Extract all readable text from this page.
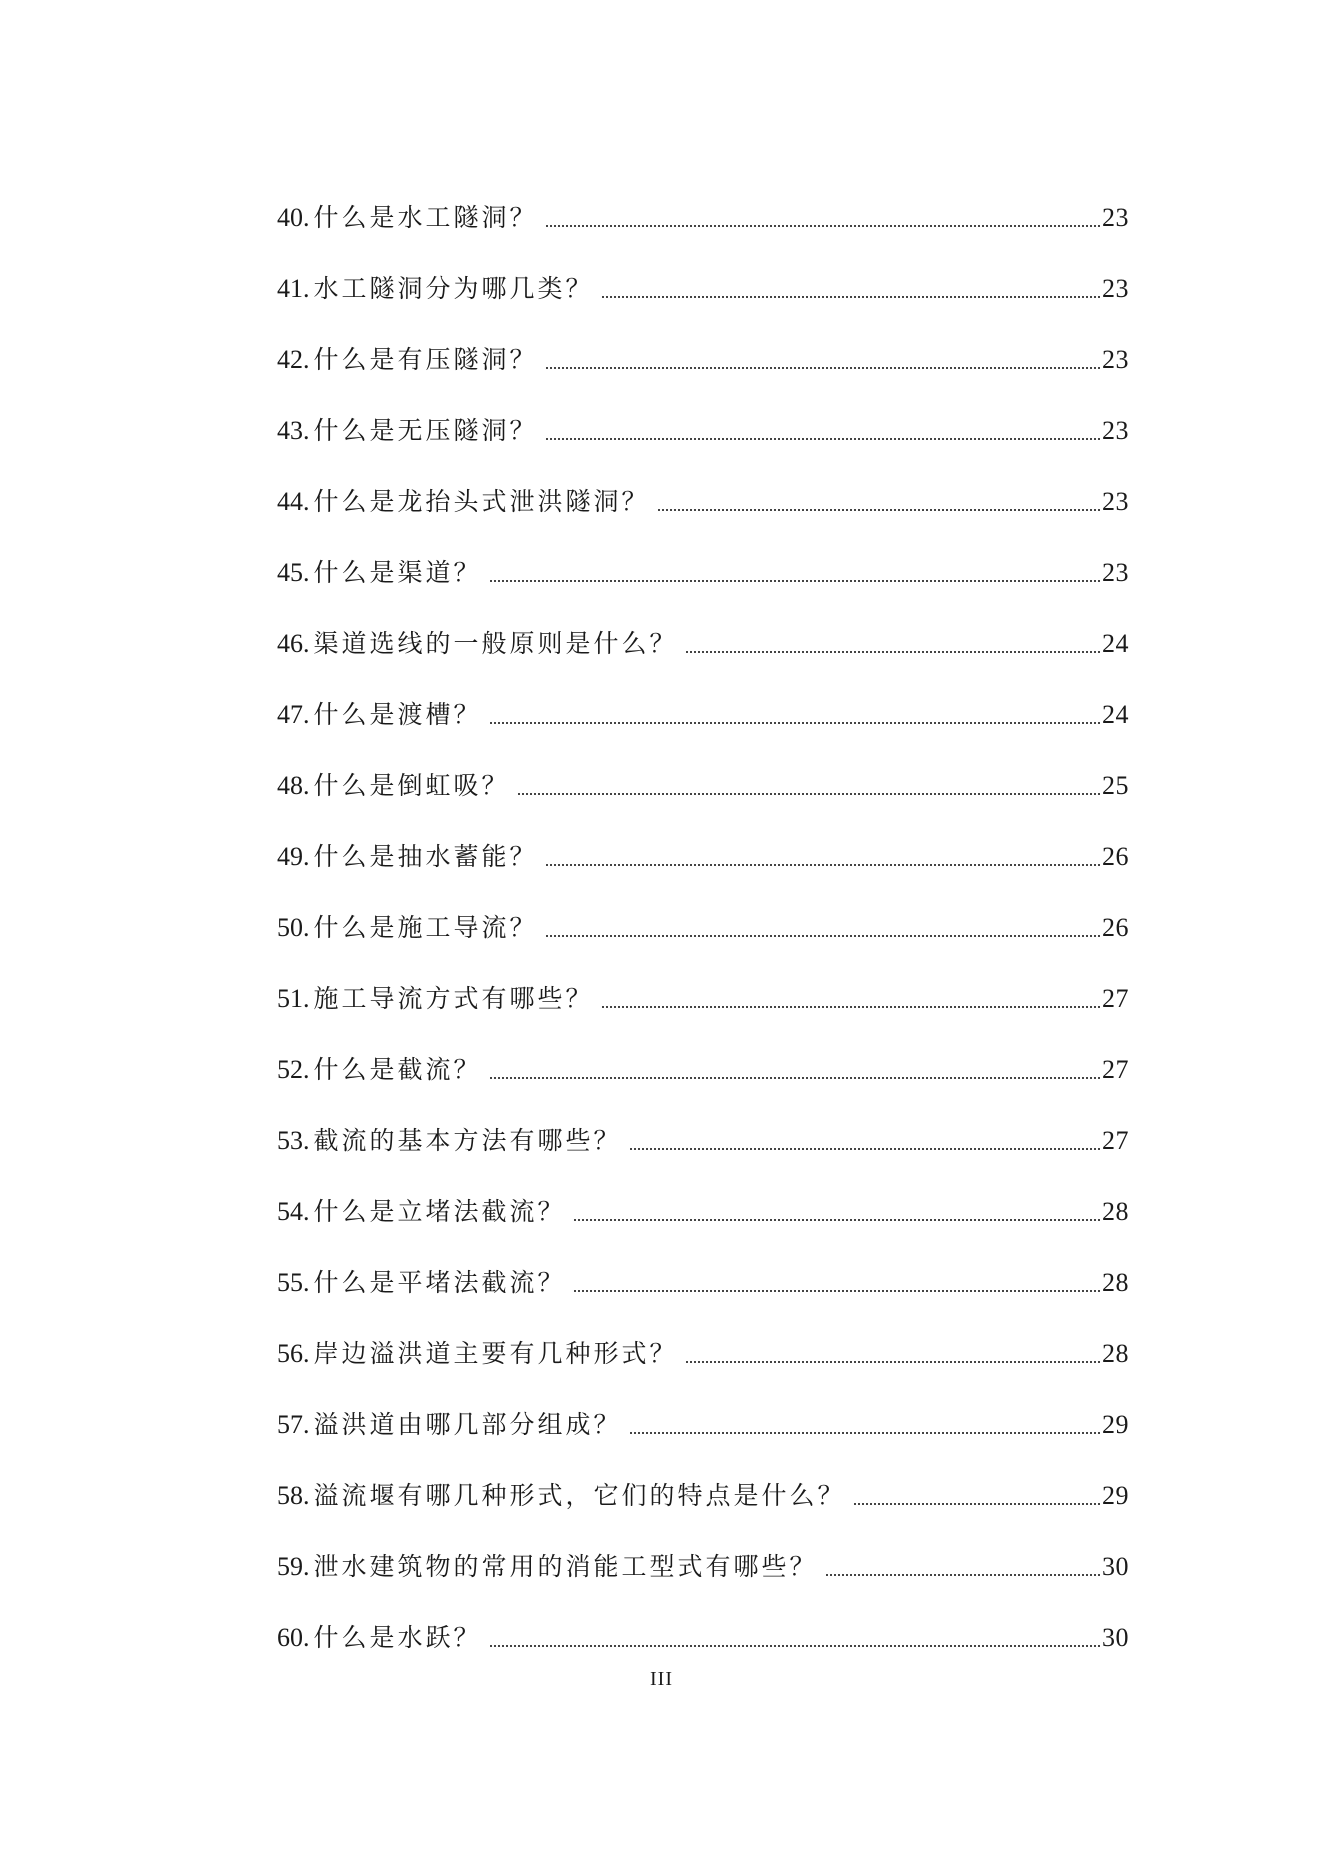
40. 什么是水工隧洞？	23
41. 水工隧洞分为哪几类？	23
42. 什么是有压隧洞？	23
43. 什么是无压隧洞？	23
44. 什么是龙抬头式泄洪隧洞？	23
45. 什么是渠道？	23
46. 渠道选线的一般原则是什么？	24
47. 什么是渡槽？	24
48. 什么是倒虹吸？	25
49. 什么是抽水蓄能？	26
50. 什么是施工导流？	26
51. 施工导流方式有哪些？	27
52. 什么是截流？	27
53. 截流的基本方法有哪些？	27
54. 什么是立堵法截流？	28
55. 什么是平堵法截流？	28
56. 岸边溢洪道主要有几种形式？	28
57. 溢洪道由哪几部分组成？	29
58. 溢流堰有哪几种形式，它们的特点是什么？	29
59. 泄水建筑物的常用的消能工型式有哪些？	30
60. 什么是水跃？	30
III
